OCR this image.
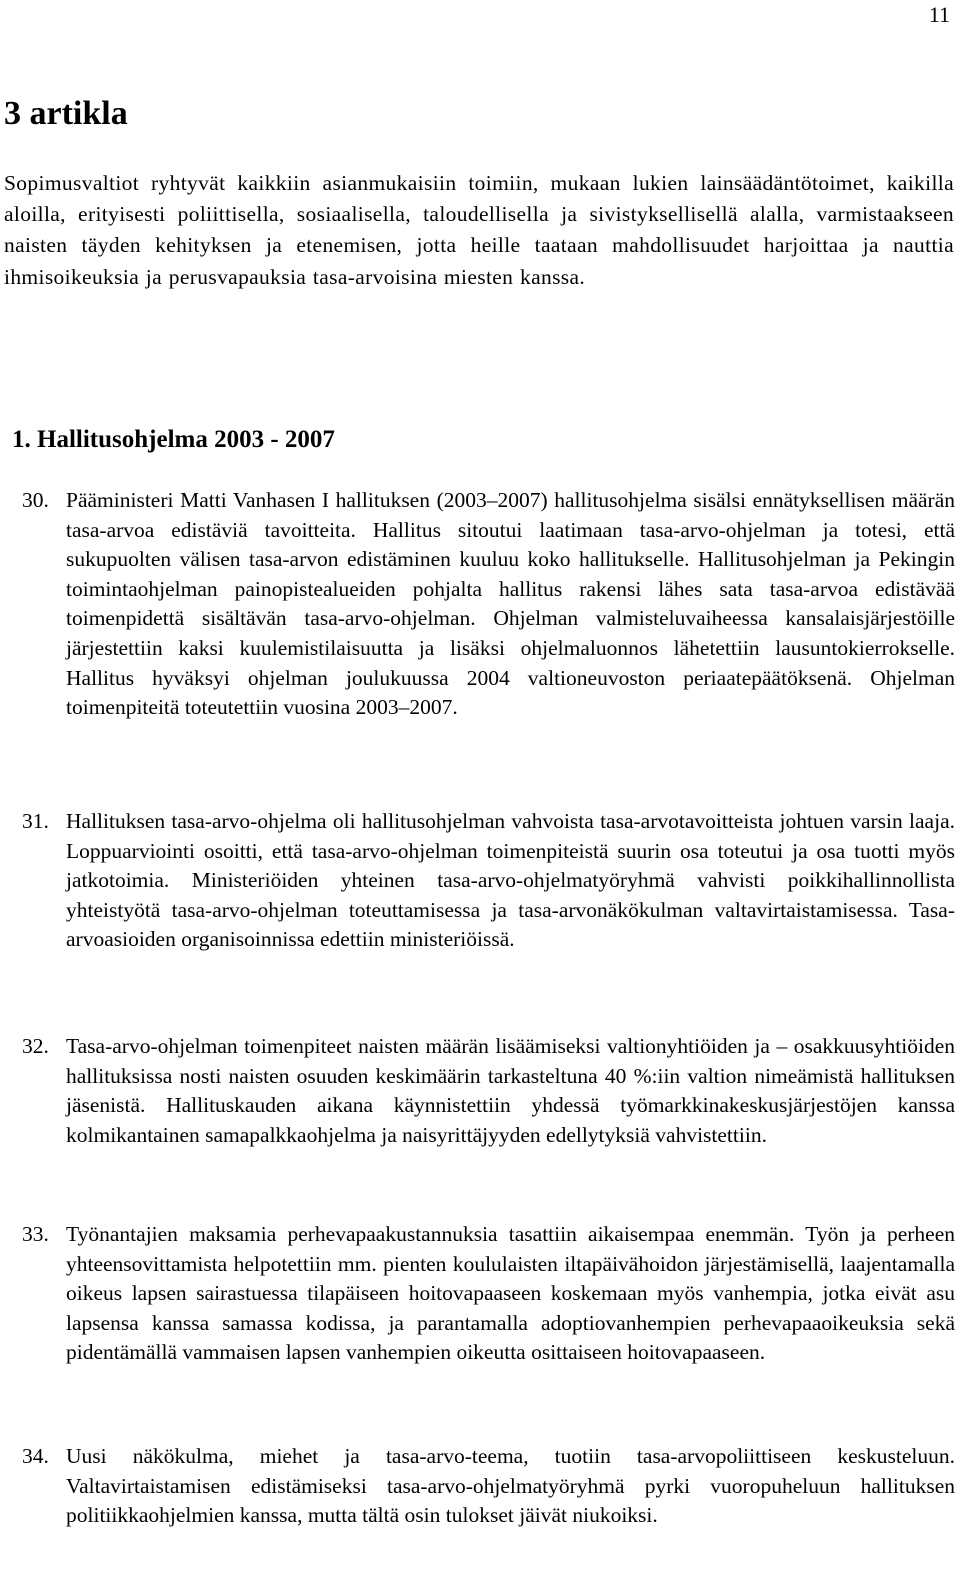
11
3 artikla

Sopimusvaltiot ryhtyvät kaikkiin asianmukaisiin toimiin, mukaan lukien lainsäädäntötoimet, kaikilla aloilla, erityisesti poliittisella, sosiaalisella, taloudellisella ja sivistyksellisellä alalla, varmistaakseen naisten täyden kehityksen ja etenemisen, jotta heille taataan mahdollisuudet harjoittaa ja nauttia ihmisoikeuksia ja perusvapauksia tasa-arvoisina miesten kanssa.

1. Hallitusohjelma 2003 - 2007
30. Pääministeri Matti Vanhasen I hallituksen (2003–2007) hallitusohjelma sisälsi ennätyksellisen määrän tasa-arvoa edistäviä tavoitteita. Hallitus sitoutui laatimaan tasa-arvo-ohjelman ja totesi, että sukupuolten välisen tasa-arvon edistäminen kuuluu koko hallitukselle. Hallitusohjelman ja Pekingin toimintaohjelman painopistealueiden pohjalta hallitus rakensi lähes sata tasa-arvoa edistävää toimenpidettä sisältävän tasa-arvo-ohjelman. Ohjelman valmisteluvaiheessa kansalaisjärjestöille järjestettiin kaksi kuulemistilaisuutta ja lisäksi ohjelmaluonnos lähetettiin lausuntokierrokselle. Hallitus hyväksyi ohjelman joulukuussa 2004 valtioneuvoston periaatepäätöksenä. Ohjelman toimenpiteitä toteutettiin vuosina 2003–2007.
31. Hallituksen tasa-arvo-ohjelma oli hallitusohjelman vahvoista tasa-arvotavoitteista johtuen varsin laaja. Loppuarviointi osoitti, että tasa-arvo-ohjelman toimenpiteistä suurin osa toteutui ja osa tuotti myös jatkotoimia. Ministeriöiden yhteinen tasa-arvo-ohjelmatyöryhmä vahvisti poikkihallinnollista yhteistyötä tasa-arvo-ohjelman toteuttamisessa ja tasa-arvonäkökulman valtavirtaistamisessa. Tasa-arvoasioiden organisoinnissa edettiin ministeriöissä.
32. Tasa-arvo-ohjelman toimenpiteet naisten määrän lisäämiseksi valtionyhtiöiden ja – osakkuusyhtiöiden hallituksissa nosti naisten osuuden keskimäärin tarkasteltuna 40 %:iin valtion nimeämistä hallituksen jäsenistä. Hallituskauden aikana käynnistettiin yhdessä työmarkkinakeskusjärjestöjen kanssa kolmikantainen samapalkkaohjelma ja naisyrittäjyyden edellytyksiä vahvistettiin.
33. Työnantajien maksamia perhevapaakustannuksia tasattiin aikaisempaa enemmän. Työn ja perheen yhteensovittamista helpotettiin mm. pienten koululaisten iltapäivähoidon järjestämisellä, laajentamalla oikeus lapsen sairastuessa tilapäiseen hoitovapaaseen koskemaan myös vanhempia, jotka eivät asu lapsensa kanssa samassa kodissa, ja parantamalla adoptiovanhempien perhevapaaoikeuksia sekä pidentämällä vammaisen lapsen vanhempien oikeutta osittaiseen hoitovapaaseen.
34. Uusi näkökulma, miehet ja tasa-arvo-teema, tuotiin tasa-arvopoliittiseen keskusteluun. Valtavirtaistamisen edistämiseksi tasa-arvo-ohjelmatyöryhmä pyrki vuoropuheluun hallituksen politiikkaohjelmien kanssa, mutta tältä osin tulokset jäivät niukoiksi.
